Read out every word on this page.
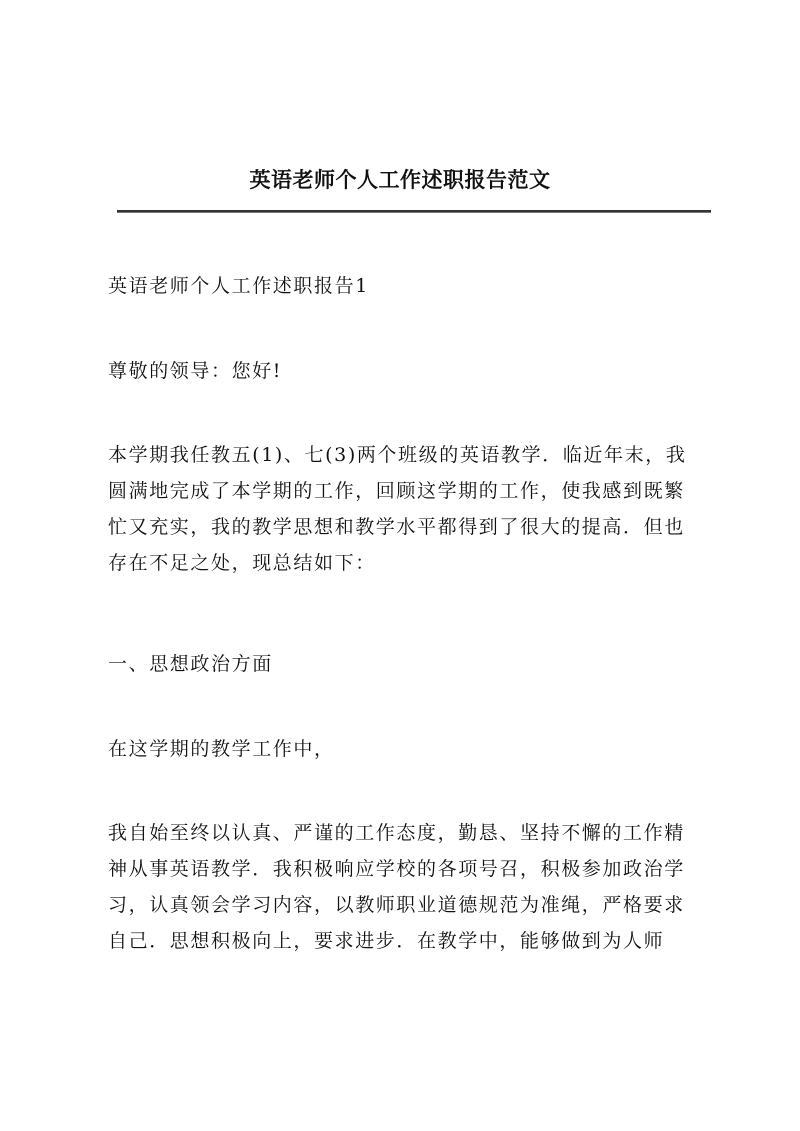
英语老师个人工作述职报告范文

英语老师个人工作述职报告1

尊敬的领导：您好!

本学期我任教五(1)、七(3)两个班级的英语教学．临近年末，我
圆满地完成了本学期的工作，回顾这学期的工作，使我感到既繁
忙又充实，我的教学思想和教学水平都得到了很大的提高．但也
存在不足之处，现总结如下：

一、思想政治方面

在这学期的教学工作中，

我自始至终以认真、严谨的工作态度，勤恳、坚持不懈的工作精
神从事英语教学．我积极响应学校的各项号召，积极参加政治学
习，认真领会学习内容，以教师职业道德规范为准绳，严格要求
自己．思想积极向上，要求进步．在教学中，能够做到为人师
